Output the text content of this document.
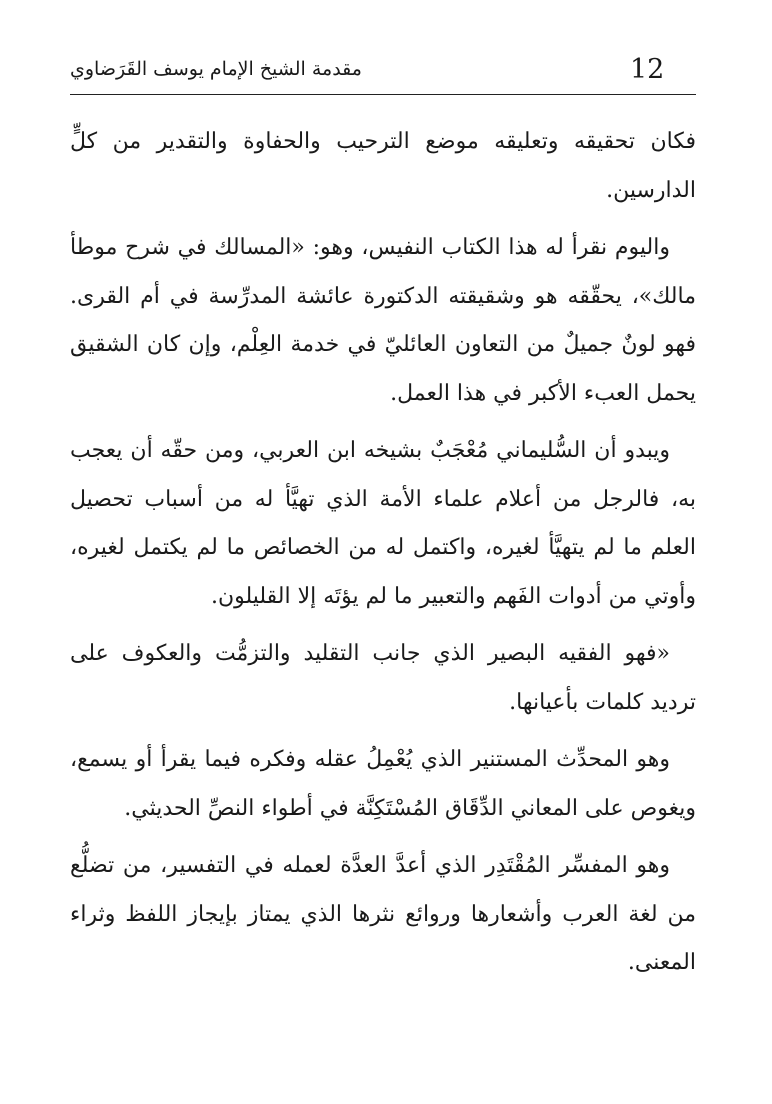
مقدمة الشيخ الإمام يوسف القَرَضاوي	12

فكان تحقيقه وتعليقه موضع الترحيب والحفاوة والتقدير من كلٍّ الدارسين.

واليوم نقرأ له هذا الكتاب النفيس، وهو: «المسالك في شرح موطأ مالك»، يحقّقه هو وشقيقته الدكتورة عائشة المدرِّسة في أم القرى. فهو لونٌ جميلٌ من التعاون العائليّ في خدمة العِلْم، وإن كان الشقيق يحمل العبء الأكبر في هذا العمل.

ويبدو أن السُّليماني مُعْجَبٌ بشيخه ابن العربي، ومن حقّه أن يعجب به، فالرجل من أعلام علماء الأمة الذي تهيَّأ له من أسباب تحصيل العلم ما لم يتهيَّأ لغيره، واكتمل له من الخصائص ما لم يكتمل لغيره، وأوتي من أدوات الفَهم والتعبير ما لم يؤتَه إلا القليلون.

«فهو الفقيه البصير الذي جانب التقليد والتزمُّت والعكوف على ترديد كلمات بأعيانها.

وهو المحدِّث المستنير الذي يُعْمِلُ عقله وفكره فيما يقرأ أو يسمع، ويغوص على المعاني الدِّقَاق المُسْتَكِنَّة في أطواء النصِّ الحديثي.

وهو المفسِّر المُقْتَدِر الذي أعدَّ العدَّة لعمله في التفسير، من تضلُّع من لغة العرب وأشعارها وروائع نثرها الذي يمتاز بإيجاز اللفظ وثراء المعنى.
